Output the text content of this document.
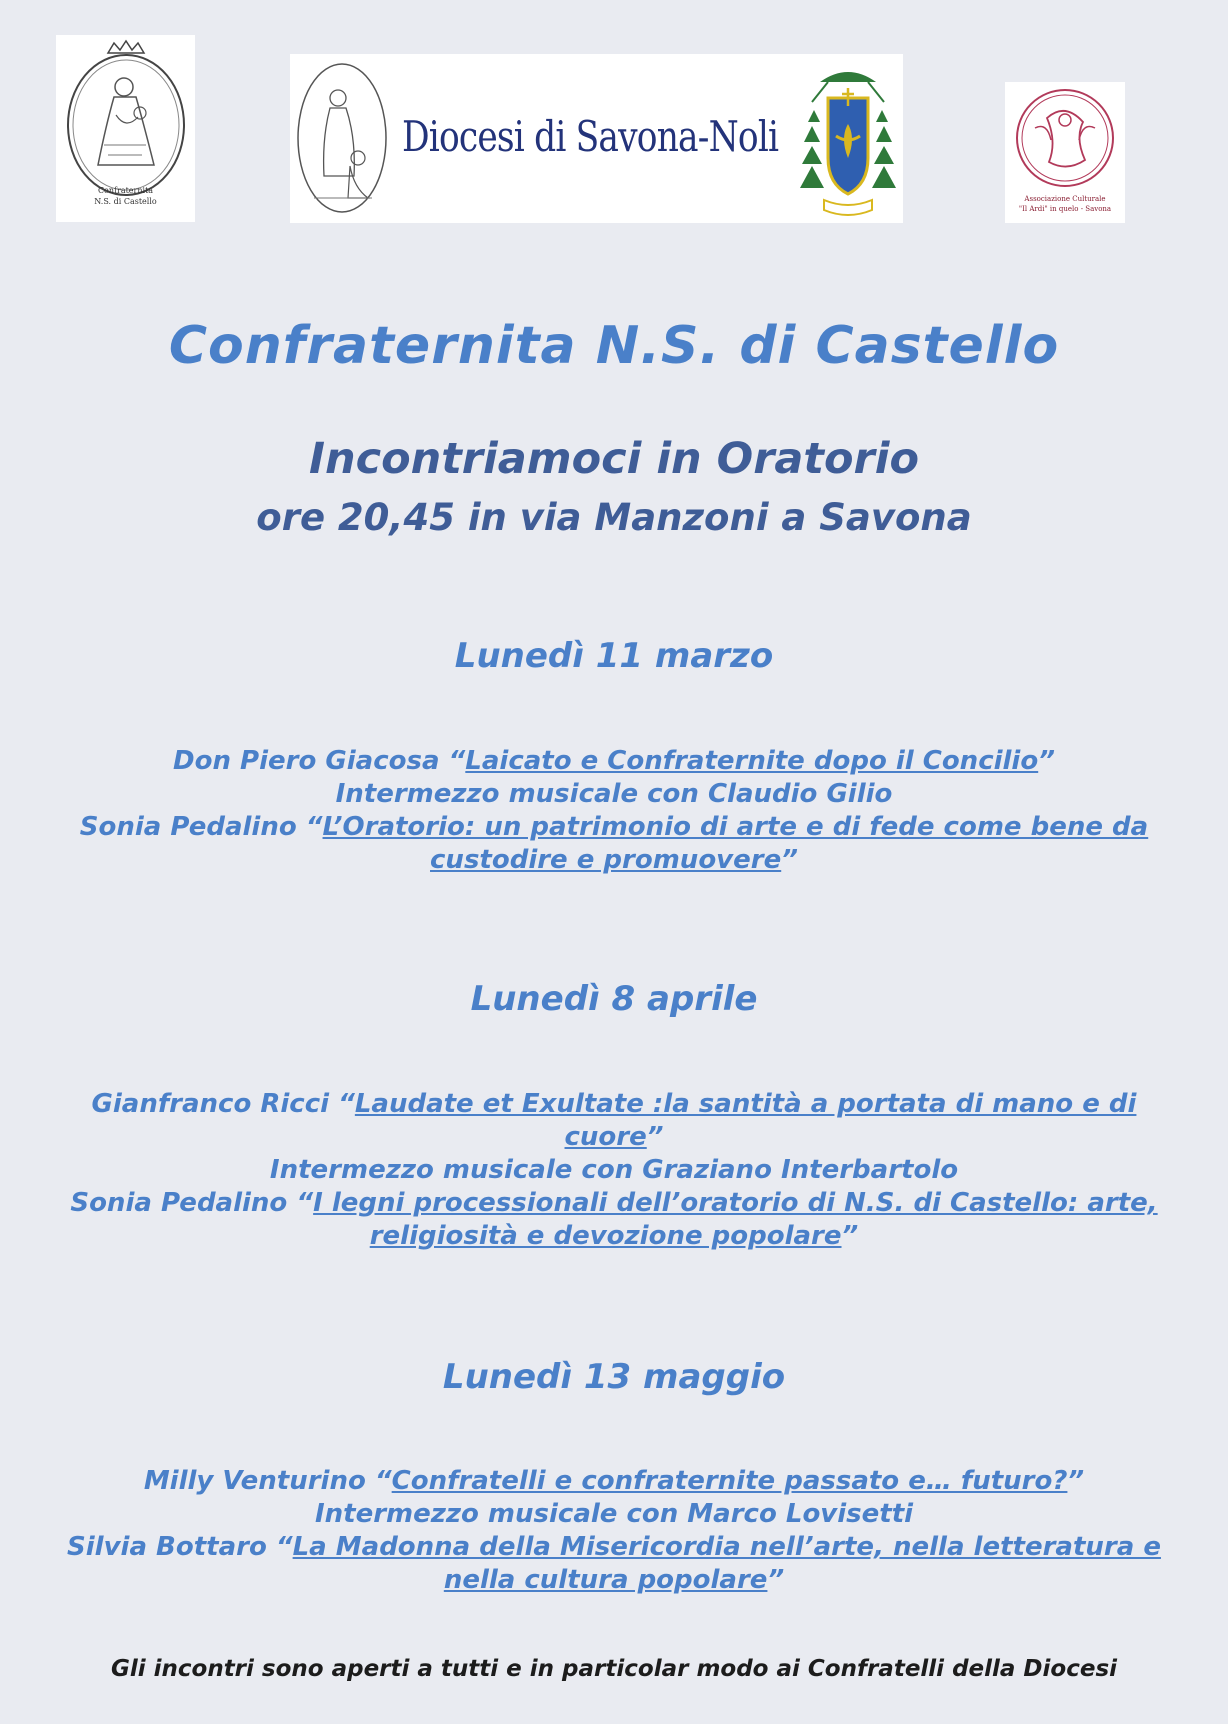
Confraternita
N.S. di Castello
Diocesi di Savona-Noli
Associazione Culturale
"Il Ardi" in quelo - Savona
Confraternita N.S. di Castello
Incontriamoci in Oratorio
ore 20,45 in via Manzoni a Savona
Lunedì 11 marzo
Don Piero Giacosa “Laicato e Confraternite dopo il Concilio”
Intermezzo musicale con Claudio Gilio
Sonia Pedalino “L’Oratorio: un patrimonio di arte e di fede come bene da custodire e promuovere”
Lunedì 8 aprile
Gianfranco Ricci “Laudate et Exultate :la santità a portata di mano e di cuore”
Intermezzo musicale con Graziano Interbartolo
Sonia Pedalino “I legni processionali dell’oratorio di N.S. di Castello: arte, religiosità e devozione popolare”
Lunedì 13 maggio
Milly Venturino “Confratelli e confraternite passato e… futuro?”
Intermezzo musicale con Marco Lovisetti
Silvia Bottaro “La Madonna della Misericordia nell’arte, nella letteratura e nella cultura popolare”
Gli incontri sono aperti a tutti e in particolar modo ai Confratelli della Diocesi
